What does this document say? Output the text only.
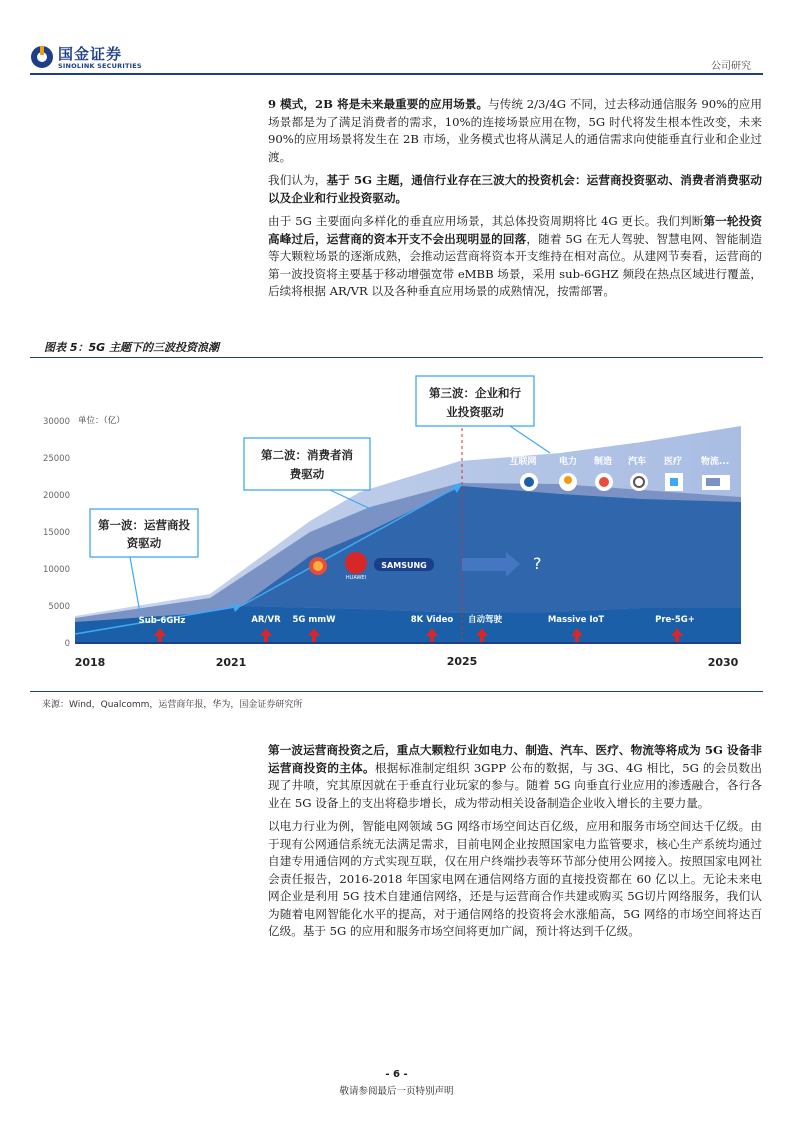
国金证券
SINOLINK SECURITIES	公司研究

9 模式，2B 将是未来最重要的应用场景。与传统 2/3/4G 不同，过去移动通信服务 90%的应用场景都是为了满足消费者的需求，10%的连接场景应用在物，5G 时代将发生根本性改变，未来 90%的应用场景将发生在 2B 市场，业务模式也将从满足人的通信需求向使能垂直行业和企业过渡。

我们认为，基于 5G 主题，通信行业存在三波大的投资机会：运营商投资驱动、消费者消费驱动以及企业和行业投资驱动。

由于 5G 主要面向多样化的垂直应用场景，其总体投资周期将比 4G 更长。我们判断第一轮投资高峰过后，运营商的资本开支不会出现明显的回落，随着 5G 在无人驾驶、智慧电网、智能制造等大颗粒场景的逐渐成熟，会推动运营商将资本开支维持在相对高位。从建网节奏看，运营商的第一波投资将主要基于移动增强宽带 eMBB 场景，采用 sub-6GHZ 频段在热点区域进行覆盖，后续将根据 AR/VR 以及各种垂直应用场景的成熟情况，按需部署。

图表 5：5G 主题下的三波投资浪潮
30000
25000
20000
15000
10000
5000
0
单位：（亿）
2018	2021	2025	2030
第一波：运营商投
资驱动
第二波：消费者消
费驱动
第三波：企业和行
业投资驱动
HUAWEI
SAMSUNG	?
互联网 电力 制造 汽车 医疗 物流...
Sub-6GHz	AR/VR 5G mmW	8K Video 自动驾驶	Massive IoT	Pre-5G+
来源：Wind，Qualcomm，运营商年报，华为，国金证券研究所

第一波运营商投资之后，重点大颗粒行业如电力、制造、汽车、医疗、物流等将成为 5G 设备非运营商投资的主体。根据标准制定组织 3GPP 公布的数据，与 3G、4G 相比，5G 的会员数出现了井喷，究其原因就在于垂直行业玩家的参与。随着 5G 向垂直行业应用的渗透融合，各行各业在 5G 设备上的支出将稳步增长，成为带动相关设备制造企业收入增长的主要力量。

以电力行业为例，智能电网领域 5G 网络市场空间达百亿级，应用和服务市场空间达千亿级。由于现有公网通信系统无法满足需求，目前电网企业按照国家电力监管要求，核心生产系统均通过自建专用通信网的方式实现互联，仅在用户终端抄表等环节部分使用公网接入。按照国家电网社会责任报告，2016-2018 年国家电网在通信网络方面的直接投资都在 60 亿以上。无论未来电网企业是利用 5G 技术自建通信网络，还是与运营商合作共建或购买 5G切片网络服务，我们认为随着电网智能化水平的提高，对于通信网络的投资将会水涨船高，5G 网络的市场空间将达百亿级。基于 5G 的应用和服务市场空间将更加广阔，预计将达到千亿级。

- 6 -
敬请参阅最后一页特别声明
